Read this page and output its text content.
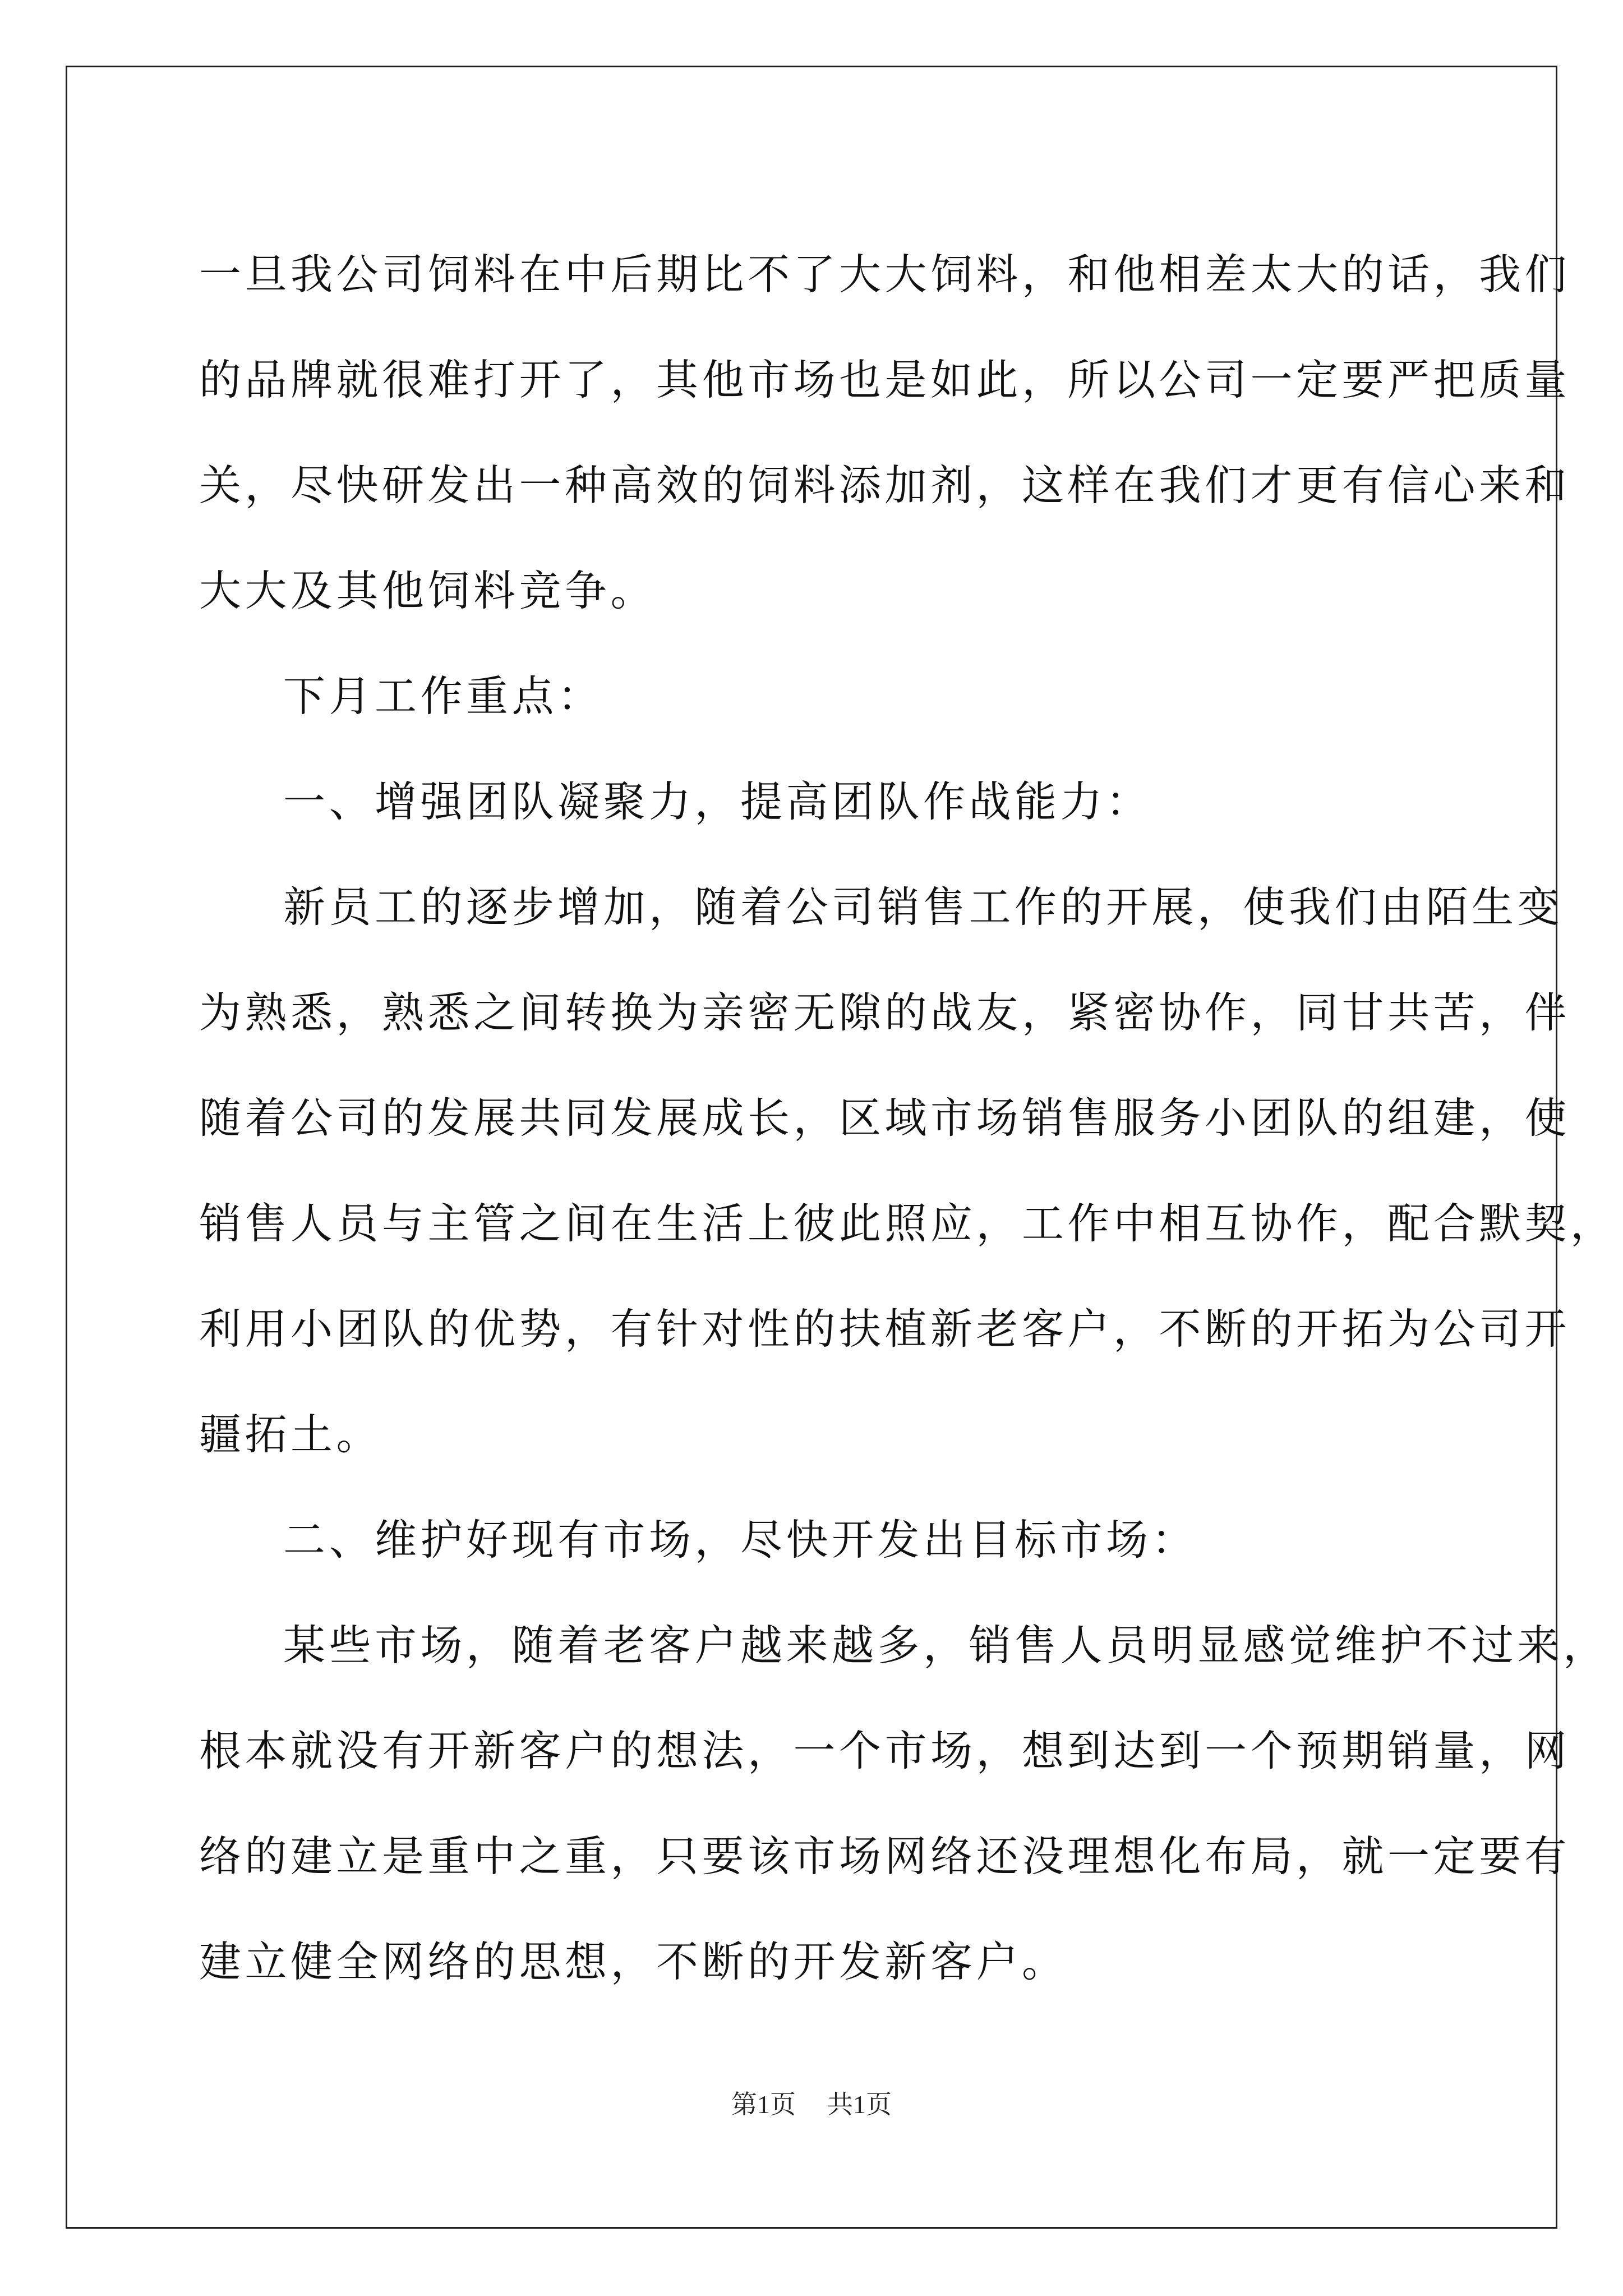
一旦我公司饲料在中后期比不了大大饲料，和他相差太大的话，我们
的品牌就很难打开了，其他市场也是如此，所以公司一定要严把质量
关，尽快研发出一种高效的饲料添加剂，这样在我们才更有信心来和
大大及其他饲料竞争。

下月工作重点：

一、增强团队凝聚力，提高团队作战能力：

新员工的逐步增加，随着公司销售工作的开展，使我们由陌生变
为熟悉，熟悉之间转换为亲密无隙的战友，紧密协作，同甘共苦，伴
随着公司的发展共同发展成长，区域市场销售服务小团队的组建，使
销售人员与主管之间在生活上彼此照应，工作中相互协作，配合默契，
利用小团队的优势，有针对性的扶植新老客户，不断的开拓为公司开
疆拓土。

二、维护好现有市场，尽快开发出目标市场：

某些市场，随着老客户越来越多，销售人员明显感觉维护不过来，
根本就没有开新客户的想法，一个市场，想到达到一个预期销量，网
络的建立是重中之重，只要该市场网络还没理想化布局，就一定要有
建立健全网络的思想，不断的开发新客户。

第1页 共1页
